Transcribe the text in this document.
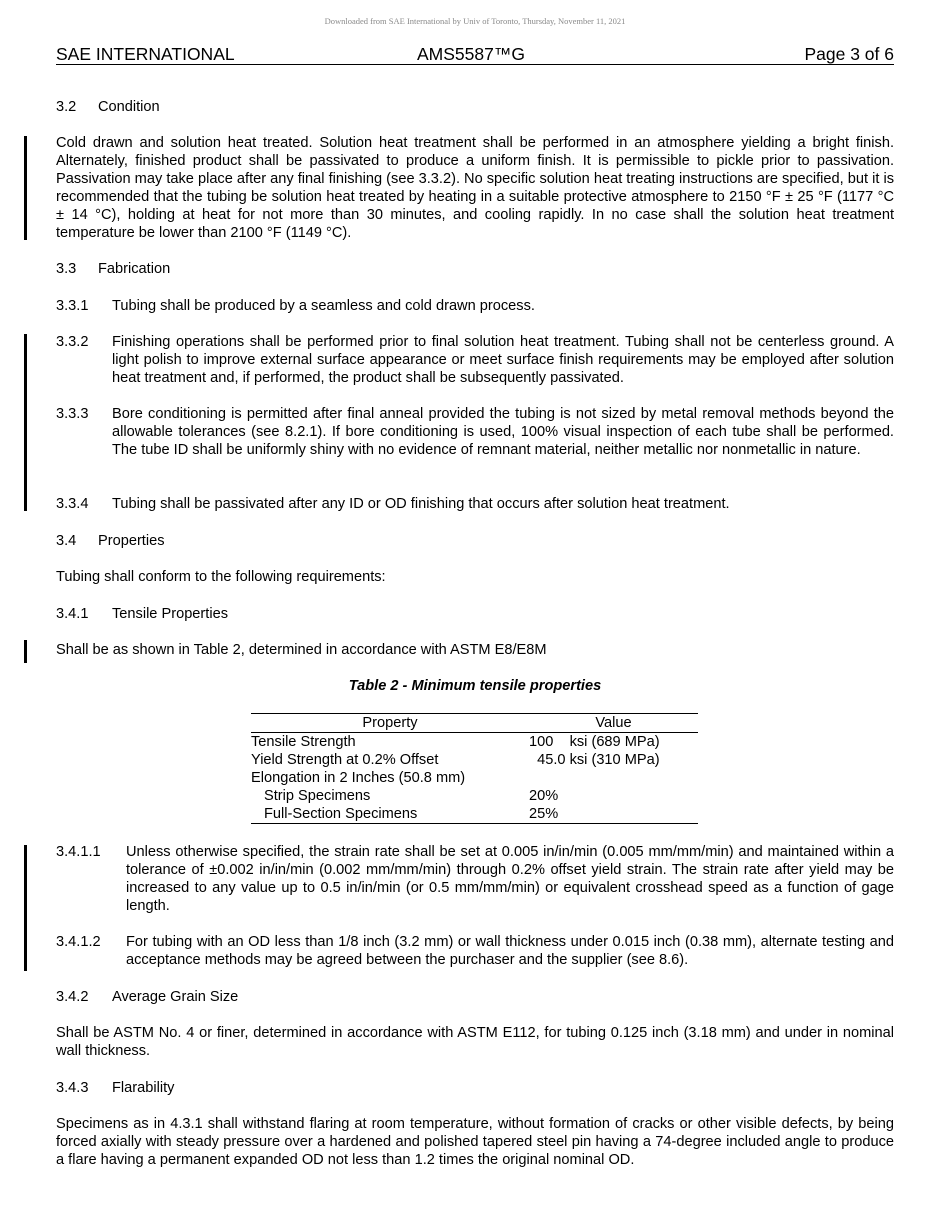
Downloaded from SAE International by Univ of Toronto, Thursday, November 11, 2021
SAE INTERNATIONAL	AMS5587™G	Page 3 of 6
3.2 Condition
Cold drawn and solution heat treated. Solution heat treatment shall be performed in an atmosphere yielding a bright finish. Alternately, finished product shall be passivated to produce a uniform finish. It is permissible to pickle prior to passivation. Passivation may take place after any final finishing (see 3.3.2). No specific solution heat treating instructions are specified, but it is recommended that the tubing be solution heat treated by heating in a suitable protective atmosphere to 2150 °F ± 25 °F (1177 °C ± 14 °C), holding at heat for not more than 30 minutes, and cooling rapidly. In no case shall the solution heat treatment temperature be lower than 2100 °F (1149 °C).
3.3 Fabrication
3.3.1 Tubing shall be produced by a seamless and cold drawn process.
3.3.2 Finishing operations shall be performed prior to final solution heat treatment. Tubing shall not be centerless ground. A light polish to improve external surface appearance or meet surface finish requirements may be employed after solution heat treatment and, if performed, the product shall be subsequently passivated.
3.3.3 Bore conditioning is permitted after final anneal provided the tubing is not sized by metal removal methods beyond the allowable tolerances (see 8.2.1). If bore conditioning is used, 100% visual inspection of each tube shall be performed. The tube ID shall be uniformly shiny with no evidence of remnant material, neither metallic nor nonmetallic in nature.
3.3.4 Tubing shall be passivated after any ID or OD finishing that occurs after solution heat treatment.
3.4 Properties
Tubing shall conform to the following requirements:
3.4.1 Tensile Properties
Shall be as shown in Table 2, determined in accordance with ASTM E8/E8M
Table 2 - Minimum tensile properties
Property	Value
Tensile Strength	100    ksi (689 MPa)
Yield Strength at 0.2% Offset	45.0 ksi (310 MPa)
Elongation in 2 Inches (50.8 mm)	
Strip Specimens	20%
Full-Section Specimens	25%
3.4.1.1 Unless otherwise specified, the strain rate shall be set at 0.005 in/in/min (0.005 mm/mm/min) and maintained within a tolerance of ±0.002 in/in/min (0.002 mm/mm/min) through 0.2% offset yield strain. The strain rate after yield may be increased to any value up to 0.5 in/in/min (or 0.5 mm/mm/min) or equivalent crosshead speed as a function of gage length.
3.4.1.2 For tubing with an OD less than 1/8 inch (3.2 mm) or wall thickness under 0.015 inch (0.38 mm), alternate testing and acceptance methods may be agreed between the purchaser and the supplier (see 8.6).
3.4.2 Average Grain Size
Shall be ASTM No. 4 or finer, determined in accordance with ASTM E112, for tubing 0.125 inch (3.18 mm) and under in nominal wall thickness.
3.4.3 Flarability
Specimens as in 4.3.1 shall withstand flaring at room temperature, without formation of cracks or other visible defects, by being forced axially with steady pressure over a hardened and polished tapered steel pin having a 74-degree included angle to produce a flare having a permanent expanded OD not less than 1.2 times the original nominal OD.
